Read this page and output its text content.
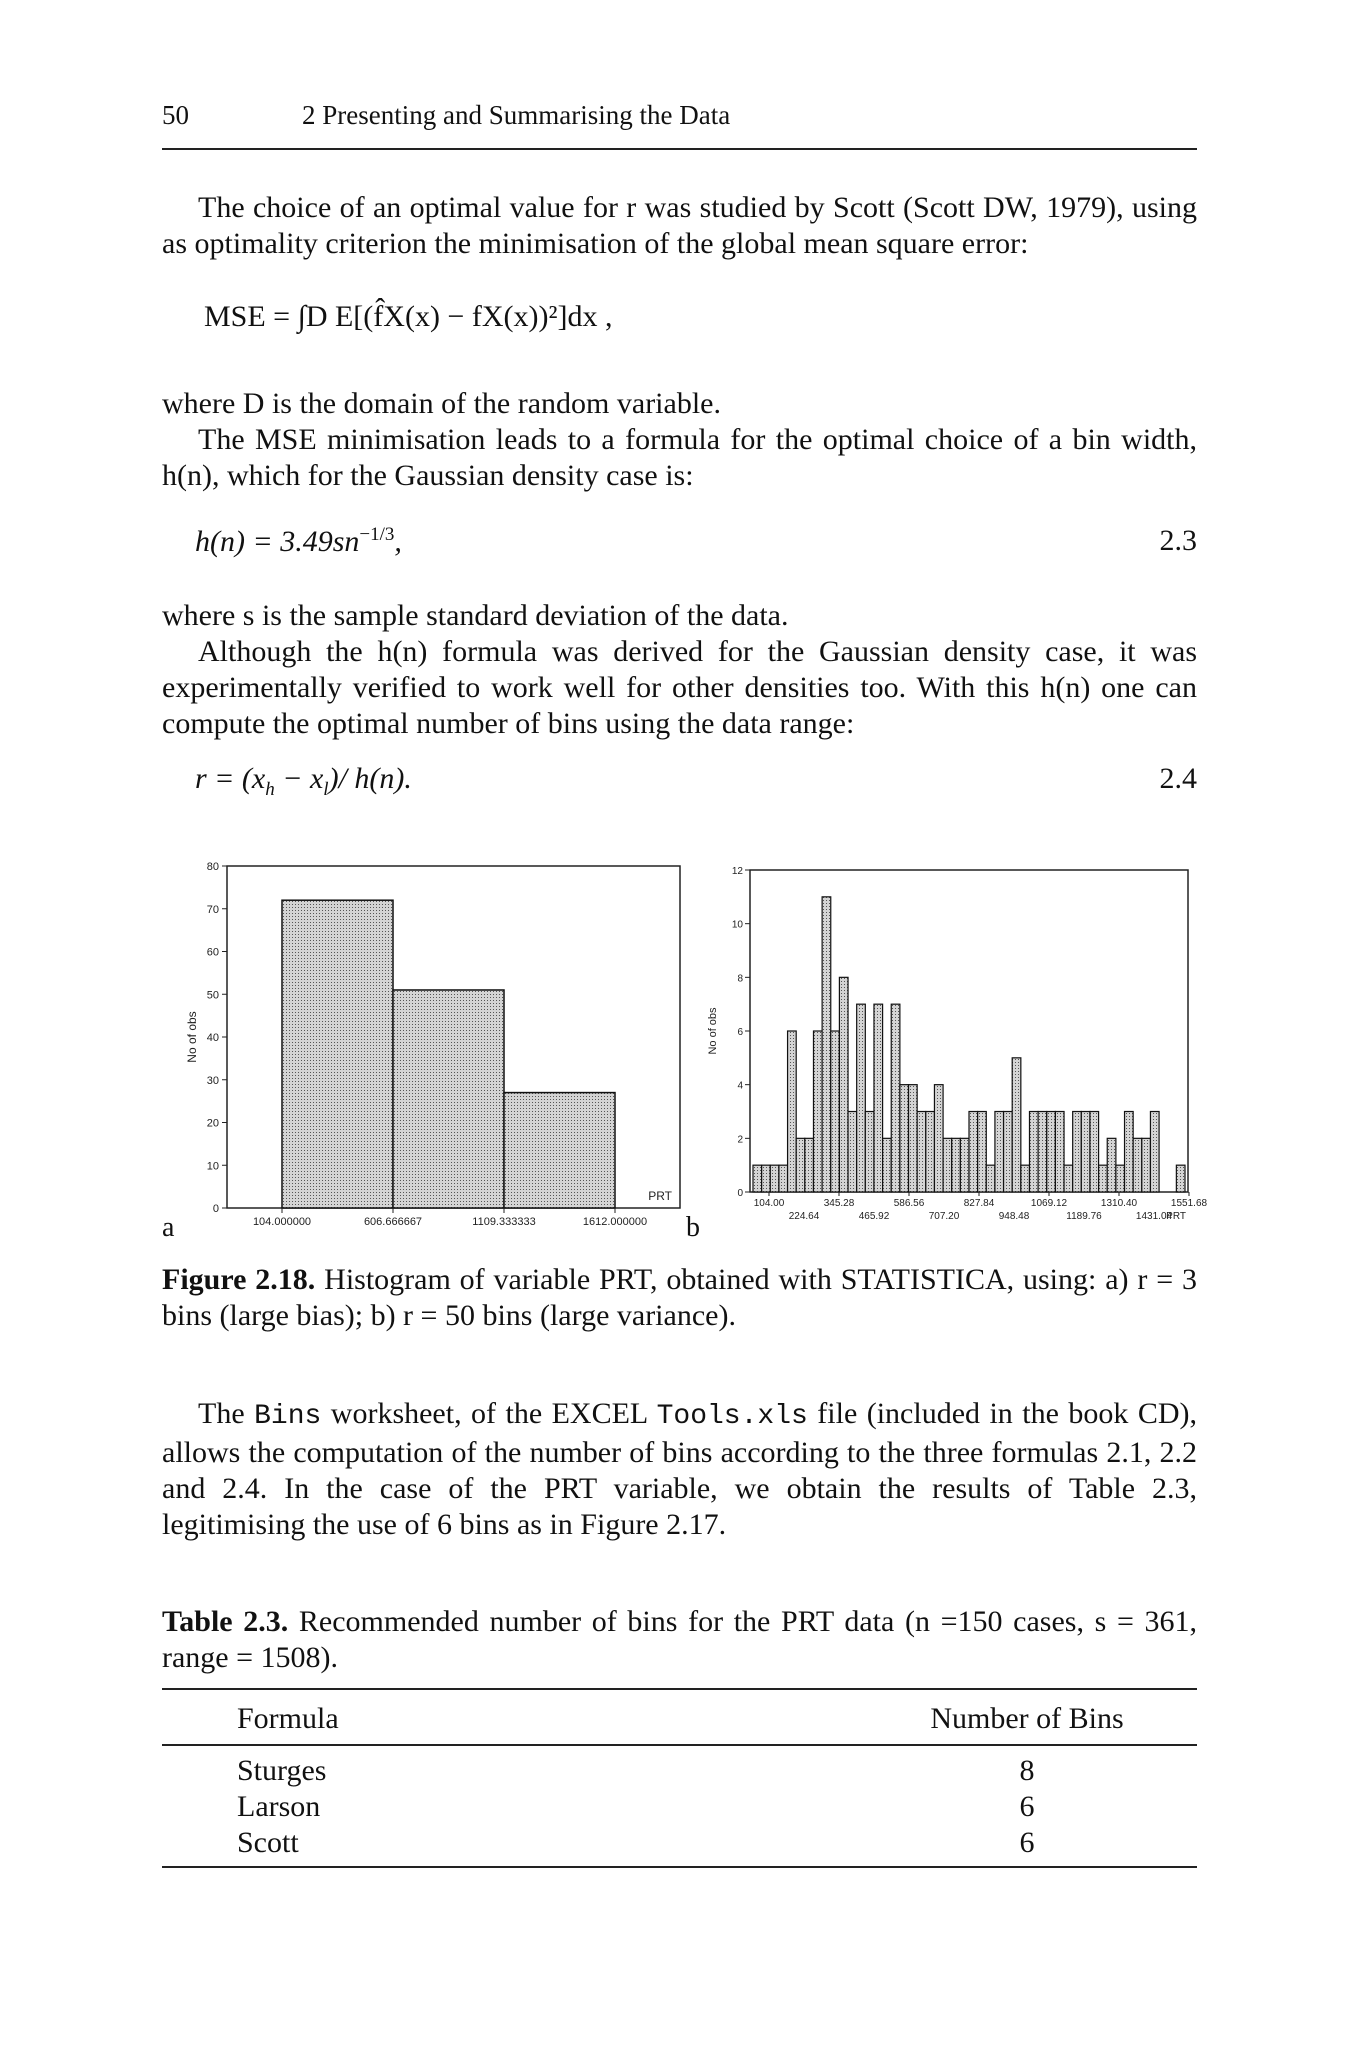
50	2 Presenting and Summarising the Data
The choice of an optimal value for r was studied by Scott (Scott DW, 1979), using as optimality criterion the minimisation of the global mean square error:
MSE = ∫D E[(f̂X(x) − fX(x))²]dx ,
where D is the domain of the random variable.
The MSE minimisation leads to a formula for the optimal choice of a bin width, h(n), which for the Gaussian density case is:
$h(n) = 3.49sn^{-1/3}$,	2.3
where s is the sample standard deviation of the data.
Although the h(n) formula was derived for the Gaussian density case, it was experimentally verified to work well for other densities too. With this h(n) one can compute the optimal number of bins using the data range:
$r = (x_h - x_l)/$ h(n).	2.4
a
0
10
20
30
40
50
60
70
80
104.000000	606.666667	1109.333333	1612.000000
PRT
No of obs
b
0
2
4
6
8
10
12
104.00	345.28	586.56	827.84	1069.12	1310.40	1551.68
224.64	465.92	707.20	948.48	1189.76	1431.04
PRT
No of obs
Figure 2.18. Histogram of variable PRT, obtained with STATISTICA, using: a) r = 3 bins (large bias); b) r = 50 bins (large variance).
The Bins worksheet, of the EXCEL Tools.xls file (included in the book CD), allows the computation of the number of bins according to the three formulas 2.1, 2.2 and 2.4. In the case of the PRT variable, we obtain the results of Table 2.3, legitimising the use of 6 bins as in Figure 2.17.
Table 2.3. Recommended number of bins for the PRT data (n =150 cases, s = 361, range = 1508).
Formula	Number of Bins
Sturges	8
Larson	6
Scott	6
